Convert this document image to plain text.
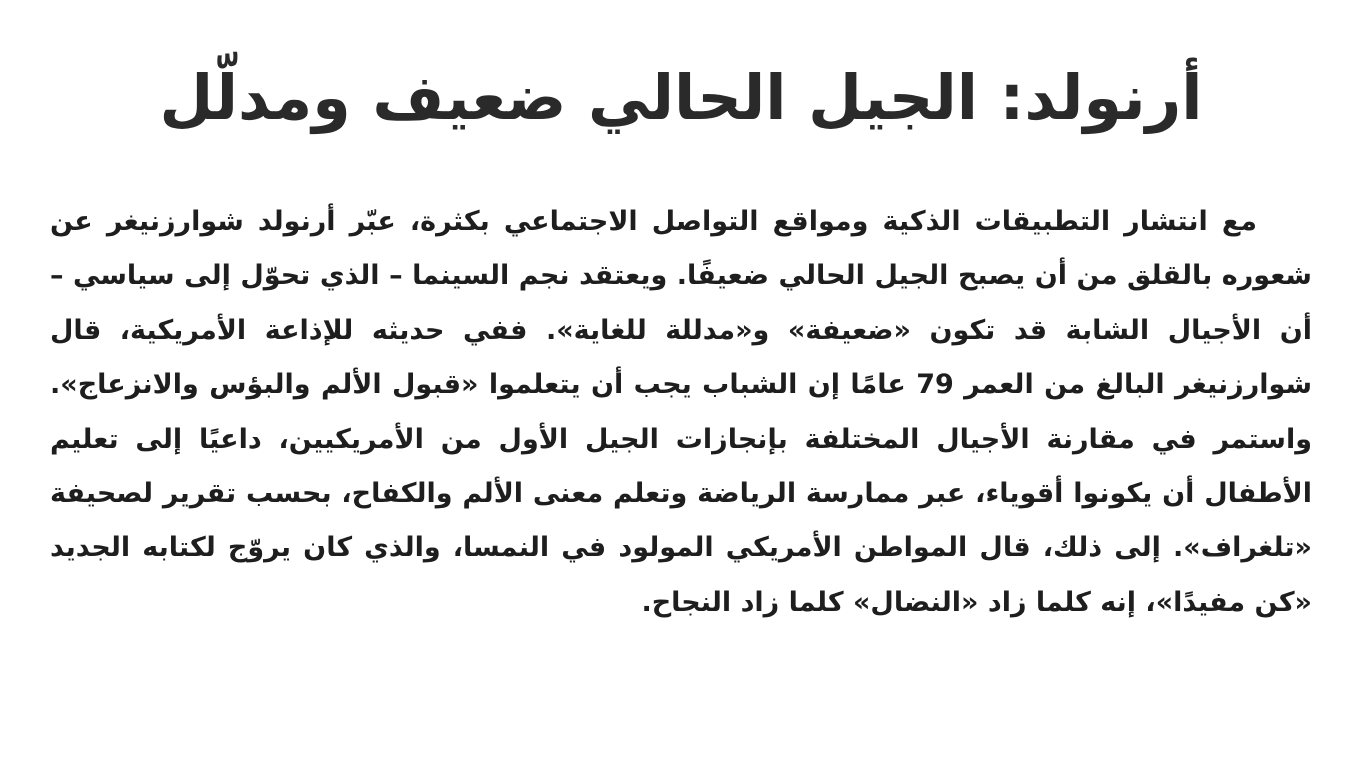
أرنولد: الجيل الحالي ضعيف ومدلّل

مع انتشار التطبيقات الذكية ومواقع التواصل الاجتماعي بكثرة، عبّر أرنولد شوارزنيغر عن شعوره بالقلق من أن يصبح الجيل الحالي ضعيفًا. ويعتقد نجم السينما – الذي تحوّل إلى سياسي – أن الأجيال الشابة قد تكون «ضعيفة» و«مدللة للغاية». ففي حديثه للإذاعة الأمريكية، قال شوارزنيغر البالغ من العمر 79 عامًا إن الشباب يجب أن يتعلموا «قبول الألم والبؤس والانزعاج». واستمر في مقارنة الأجيال المختلفة بإنجازات الجيل الأول من الأمريكيين، داعيًا إلى تعليم الأطفال أن يكونوا أقوياء، عبر ممارسة الرياضة وتعلم معنى الألم والكفاح، بحسب تقرير لصحيفة «تلغراف». إلى ذلك، قال المواطن الأمريكي المولود في النمسا، والذي كان يروّج لكتابه الجديد «كن مفيدًا»، إنه كلما زاد «النضال» كلما زاد النجاح.
